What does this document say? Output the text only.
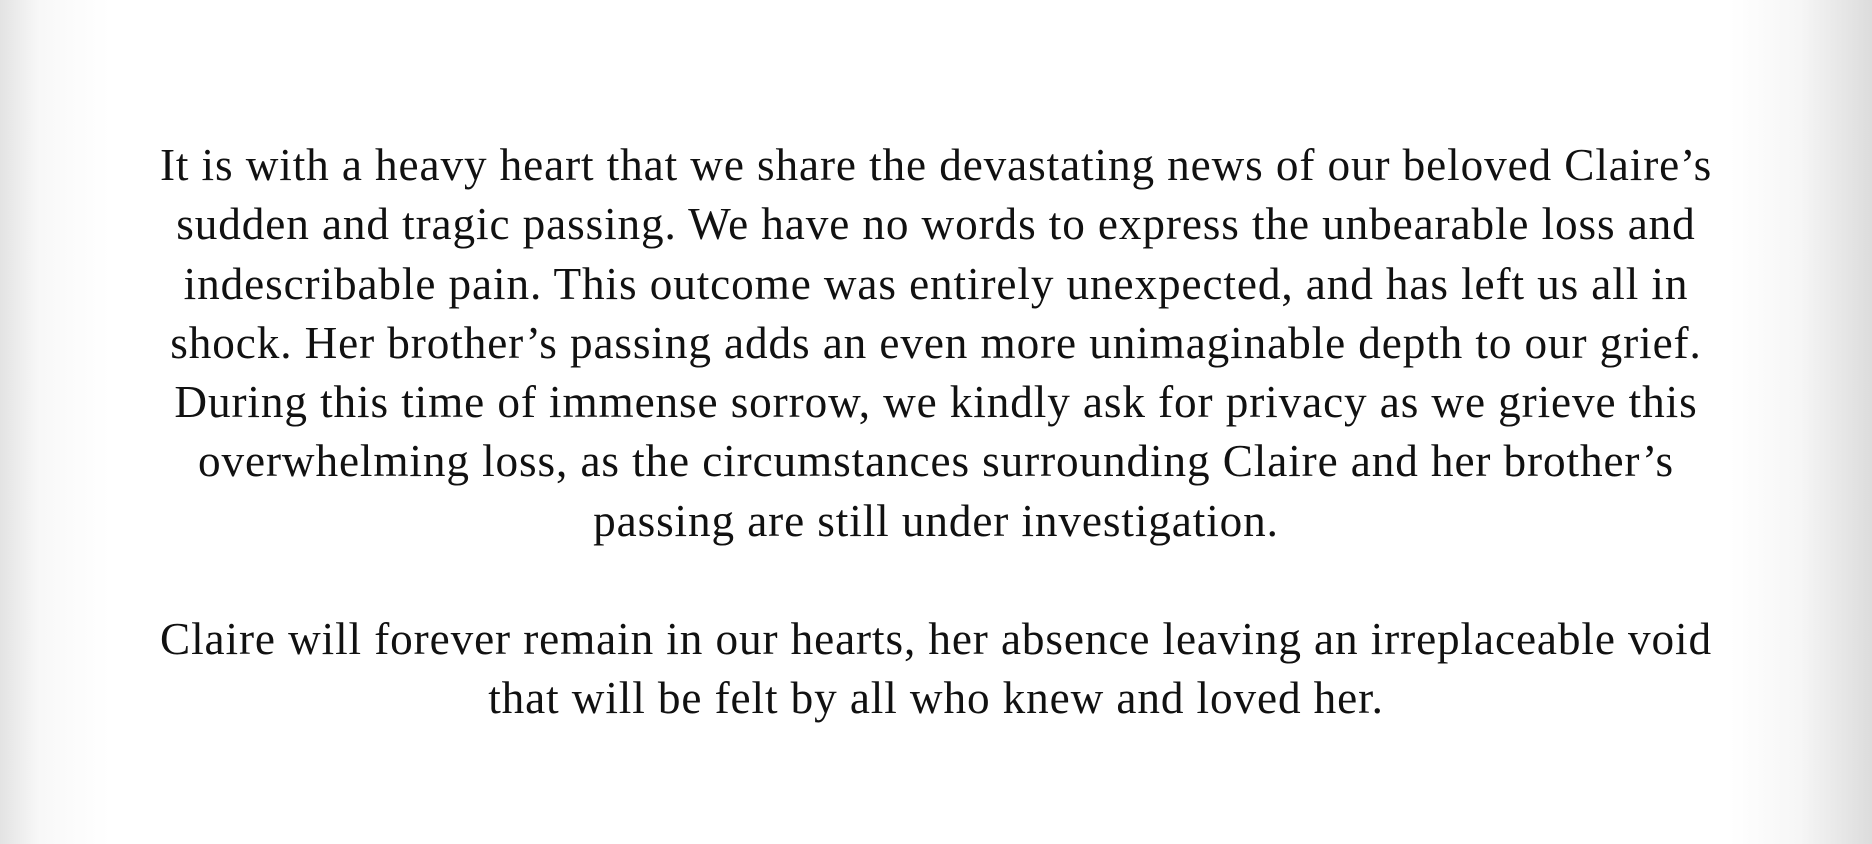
It is with a heavy heart that we share the devastating news of our beloved Claire’s
sudden and tragic passing. We have no words to express the unbearable loss and
indescribable pain. This outcome was entirely unexpected, and has left us all in
shock. Her brother’s passing adds an even more unimaginable depth to our grief.
During this time of immense sorrow, we kindly ask for privacy as we grieve this
overwhelming loss, as the circumstances surrounding Claire and her brother’s
passing are still under investigation.
Claire will forever remain in our hearts, her absence leaving an irreplaceable void
that will be felt by all who knew and loved her.
